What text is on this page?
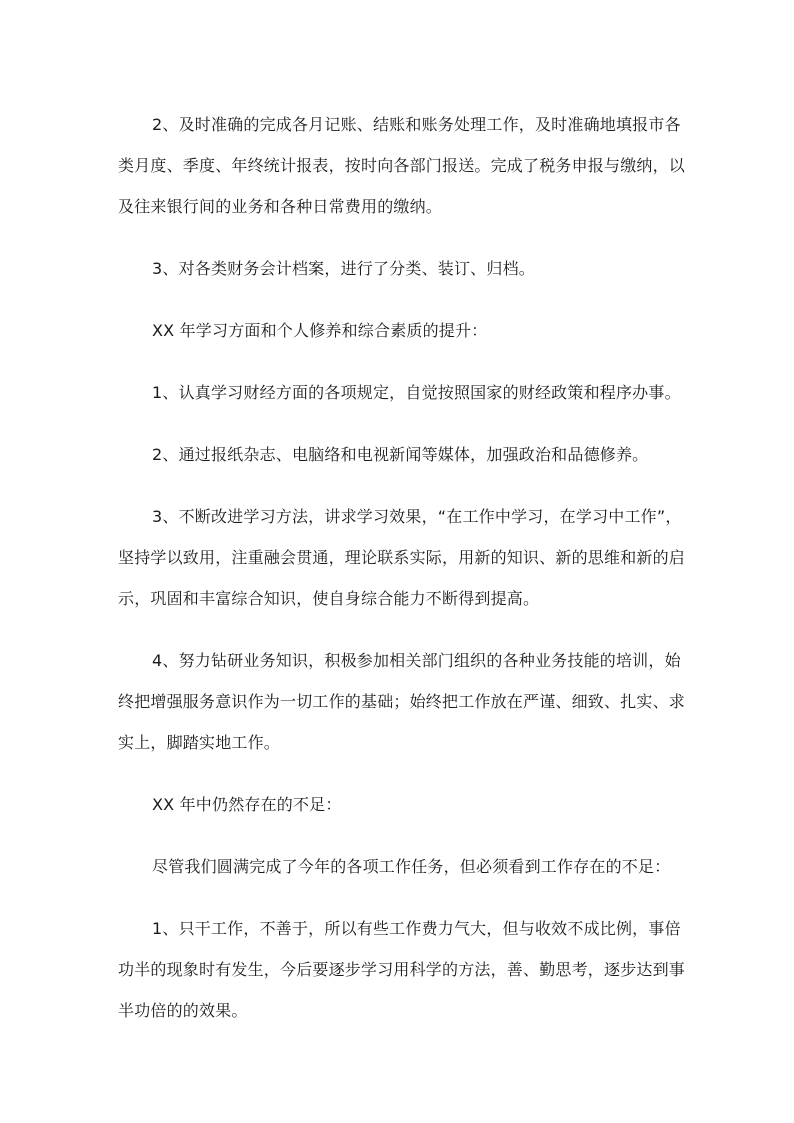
2、及时准确的完成各月记账、结账和账务处理工作，及时准确地填报市各 类月度、季度、年终统计报表，按时向各部门报送。完成了税务申报与缴纳，以 及往来银行间的业务和各种日常费用的缴纳。

3、对各类财务会计档案，进行了分类、装订、归档。

XX 年学习方面和个人修养和综合素质的提升：

1、认真学习财经方面的各项规定，自觉按照国家的财经政策和程序办事。

2、通过报纸杂志、电脑络和电视新闻等媒体，加强政治和品德修养。

3、不断改进学习方法，讲求学习效果，“在工作中学习，在学习中工作”， 坚持学以致用，注重融会贯通，理论联系实际，用新的知识、新的思维和新的启 示，巩固和丰富综合知识，使自身综合能力不断得到提高。

4、努力钻研业务知识，积极参加相关部门组织的各种业务技能的培训，始 终把增强服务意识作为一切工作的基础；始终把工作放在严谨、细致、扎实、求 实上，脚踏实地工作。

XX 年中仍然存在的不足：

尽管我们圆满完成了今年的各项工作任务，但必须看到工作存在的不足：

1、只干工作，不善于，所以有些工作费力气大，但与收效不成比例，事倍 功半的现象时有发生，今后要逐步学习用科学的方法，善、勤思考，逐步达到事 半功倍的的效果。
